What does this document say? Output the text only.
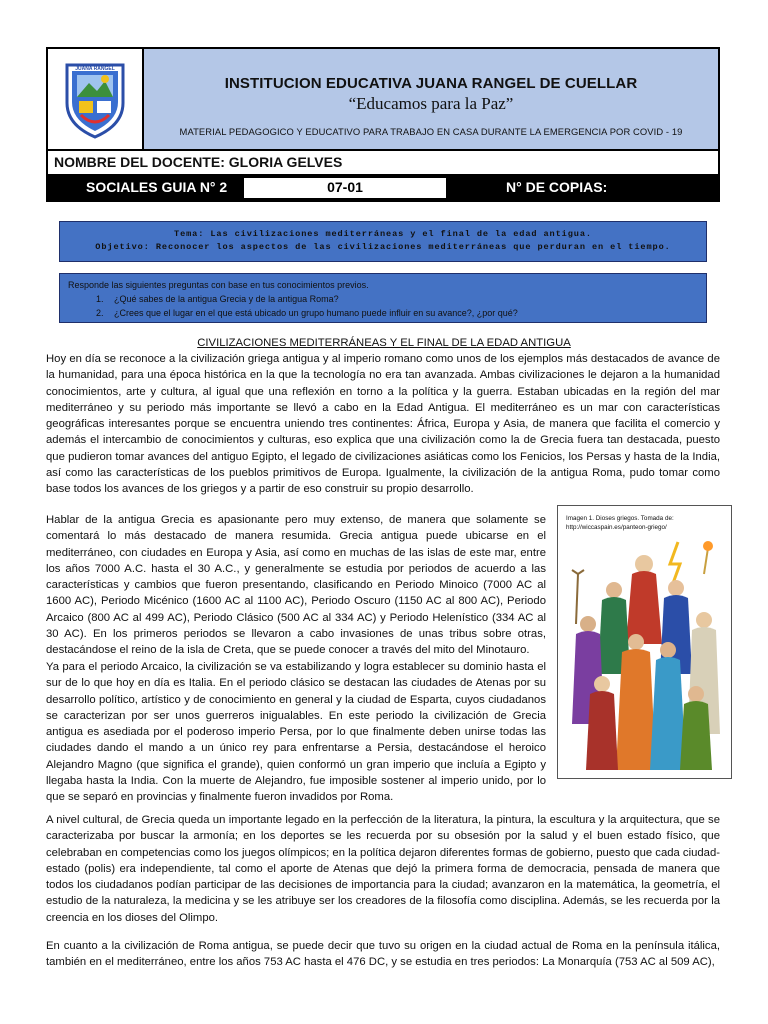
JUANA RANGEL
INSTITUCION EDUCATIVA JUANA RANGEL DE CUELLAR
“Educamos para la Paz”
MATERIAL PEDAGOGICO Y EDUCATIVO PARA TRABAJO EN CASA DURANTE LA EMERGENCIA POR COVID - 19
NOMBRE DEL DOCENTE: GLORIA GELVES
SOCIALES GUIA N° 2	07-01	N° DE COPIAS:
Tema: Las civilizaciones mediterráneas y el final de la edad antigua.
Objetivo: Reconocer los aspectos de las civilizaciones mediterráneas que perduran en el tiempo.
Responde las siguientes preguntas con base en tus conocimientos previos.
1. ¿Qué sabes de la antigua Grecia y de la antigua Roma?
2. ¿Crees que el lugar en el que está ubicado un grupo humano puede influir en su avance?, ¿por qué?
CIVILIZACIONES MEDITERRÁNEAS Y EL FINAL DE LA EDAD ANTIGUA
Hoy en día se reconoce a la civilización griega antigua y al imperio romano como unos de los ejemplos más destacados de avance de la humanidad, para una época histórica en la que la tecnología no era tan avanzada. Ambas civilizaciones le dejaron a la humanidad conocimientos, arte y cultura, al igual que una reflexión en torno a la política y la guerra. Estaban ubicadas en la región del mar mediterráneo y su periodo más importante se llevó a cabo en la Edad Antigua. El mediterráneo es un mar con características geográficas interesantes porque se encuentra uniendo tres continentes: África, Europa y Asia, de manera que facilita el comercio y además el intercambio de conocimientos y culturas, eso explica que una civilización como la de Grecia fuera tan destacada, puesto que pudieron tomar avances del antiguo Egipto, el legado de civilizaciones asiáticas como los Fenicios, los Persas y hasta de la India, así como las características de los pueblos primitivos de Europa. Igualmente, la civilización de la antigua Roma, pudo tomar como base todos los avances de los griegos y a partir de eso construir su propio desarrollo.
Hablar de la antigua Grecia es apasionante pero muy extenso, de manera que solamente se comentará lo más destacado de manera resumida. Grecia antigua puede ubicarse en el mediterráneo, con ciudades en Europa y Asia, así como en muchas de las islas de este mar, entre los años 7000 A.C. hasta el 30 A.C., y generalmente se estudia por periodos de acuerdo a las características y cambios que fueron presentando, clasificando en Periodo Minoico (7000 AC al 1600 AC), Periodo Micénico (1600 AC al 1100 AC), Periodo Oscuro (1150 AC al 800 AC), Periodo Arcaico (800 AC al 499 AC), Periodo Clásico (500 AC al 334 AC) y Periodo Helenístico (334 AC al 30 AC). En los primeros periodos se llevaron a cabo invasiones de unas tribus sobre otras, destacándose el reino de la isla de Creta, que se puede conocer a través del mito del Minotauro.
Ya para el periodo Arcaico, la civilización se va estabilizando y logra establecer su dominio hasta el sur de lo que hoy en día es Italia. En el periodo clásico se destacan las ciudades de Atenas por su desarrollo político, artístico y de conocimiento en general y la ciudad de Esparta, cuyos ciudadanos se caracterizan por ser unos guerreros inigualables. En este periodo la civilización de Grecia antigua es asediada por el poderoso imperio Persa, por lo que finalmente deben unirse todas las ciudades dando el mando a un único rey para enfrentarse a Persia, destacándose el heroico Alejandro Magno (que significa el grande), quien conformó un gran imperio que incluía a Egipto y llegaba hasta la India. Con la muerte de Alejandro, fue imposible sostener al imperio unido, por lo que se separó en provincias y finalmente fueron invadidos por Roma.
Imagen 1. Dioses griegos. Tomada de:
http://wiccaspain.es/panteon-griego/
A nivel cultural, de Grecia queda un importante legado en la perfección de la literatura, la pintura, la escultura y la arquitectura, que se caracterizaba por buscar la armonía; en los deportes se les recuerda por su obsesión por la salud y el buen estado físico, que celebraban en competencias como los juegos olímpicos; en la política dejaron diferentes formas de gobierno, puesto que cada ciudad-estado (polis) era independiente, tal como el aporte de Atenas que dejó la primera forma de democracia, pensada de manera que todos los ciudadanos podían participar de las decisiones de importancia para la ciudad; avanzaron en la matemática, la geometría, el estudio de la naturaleza, la medicina y se les atribuye ser los creadores de la filosofía como disciplina. Además, se les recuerda por la creencia en los dioses del Olimpo.
En cuanto a la civilización de Roma antigua, se puede decir que tuvo su origen en la ciudad actual de Roma en la península itálica, también en el mediterráneo, entre los años 753 AC hasta el 476 DC, y se estudia en tres periodos: La Monarquía (753 AC al 509 AC),
